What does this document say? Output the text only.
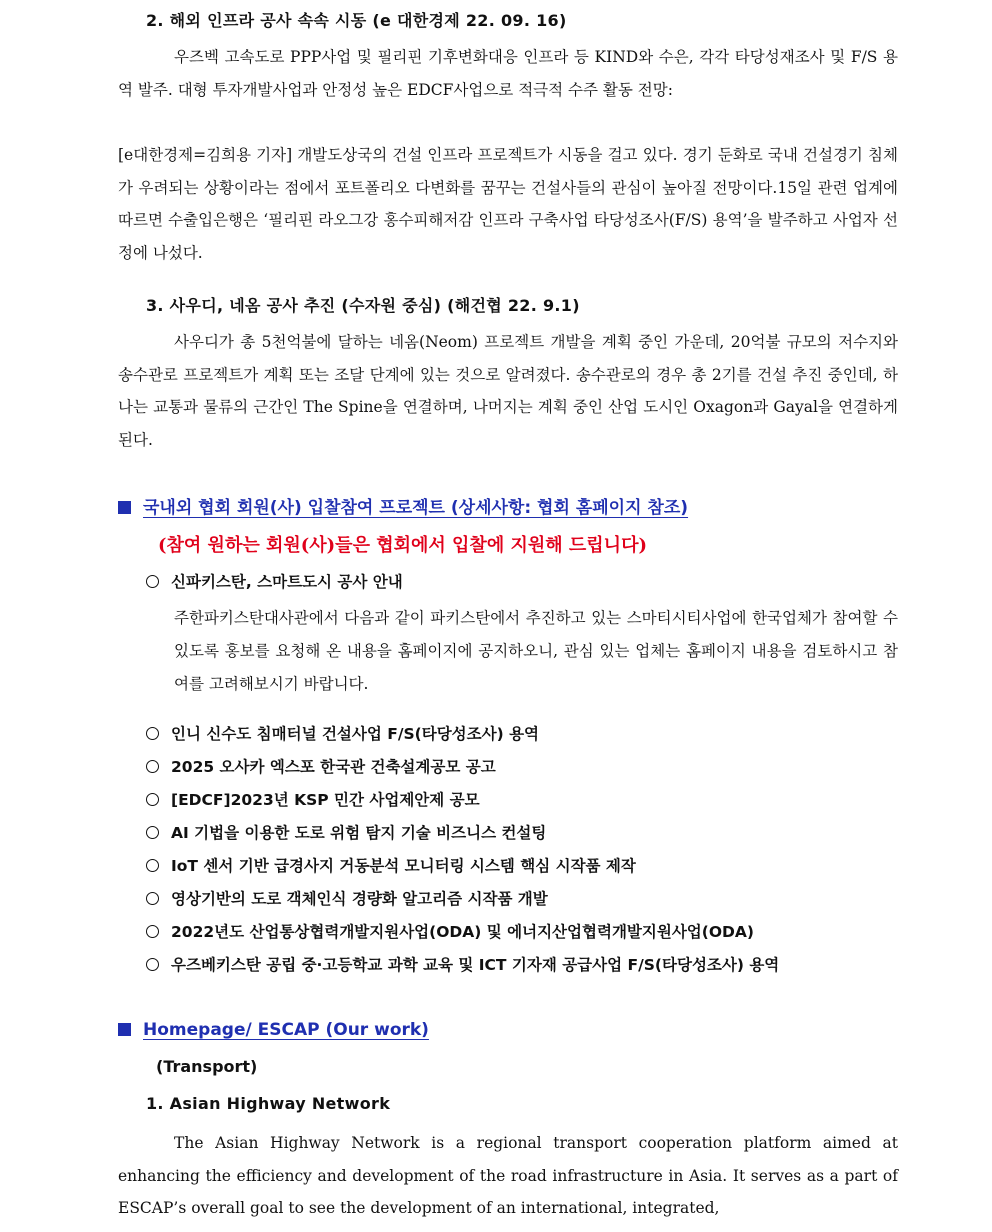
2. 해외 인프라 공사 속속 시동 (e 대한경제 22. 09. 16)

우즈벡 고속도로 PPP사업 및 필리핀 기후변화대응 인프라 등 KIND와 수은, 각각 타당성재조사 및 F/S 용역 발주. 대형 투자개발사업과 안정성 높은 EDCF사업으로 적극적 수주 활동 전망:

[e대한경제=김희용 기자] 개발도상국의 건설 인프라 프로젝트가 시동을 걸고 있다. 경기 둔화로 국내 건설경기 침체가 우려되는 상황이라는 점에서 포트폴리오 다변화를 꿈꾸는 건설사들의 관심이 높아질 전망이다.15일 관련 업계에 따르면 수출입은행은 ‘필리핀 라오그강 홍수피해저감 인프라 구축사업 타당성조사(F/S) 용역’을 발주하고 사업자 선정에 나섰다.

3. 사우디, 네옴 공사 추진 (수자원 중심) (해건협 22. 9.1)

사우디가 총 5천억불에 달하는 네옴(Neom) 프로젝트 개발을 계획 중인 가운데, 20억불 규모의 저수지와 송수관로 프로젝트가 계획 또는 조달 단계에 있는 것으로 알려졌다. 송수관로의 경우 총 2기를 건설 추진 중인데, 하나는 교통과 물류의 근간인 The Spine을 연결하며, 나머지는 계획 중인 산업 도시인 Oxagon과 Gayal을 연결하게 된다.

국내외 협회 회원(사) 입찰참여 프로젝트 (상세사항: 협회 홈페이지 참조)

(참여 원하는 회원(사)들은 협회에서 입찰에 지원해 드립니다)

신파키스탄, 스마트도시 공사 안내

주한파키스탄대사관에서 다음과 같이 파키스탄에서 추진하고 있는 스마티시티사업에 한국업체가 참여할 수 있도록 홍보를 요청해 온 내용을 홈페이지에 공지하오니, 관심 있는 업체는 홈페이지 내용을 검토하시고 참여를 고려해보시기 바랍니다.

인니 신수도 침매터널 건설사업 F/S(타당성조사) 용역

2025 오사카 엑스포 한국관 건축설계공모 공고

[EDCF]2023년 KSP 민간 사업제안제 공모

AI 기법을 이용한 도로 위험 탐지 기술 비즈니스 컨설팅

IoT 센서 기반 급경사지 거동분석 모니터링 시스템 핵심 시작품 제작

영상기반의 도로 객체인식 경량화 알고리즘 시작품 개발

2022년도 산업통상협력개발지원사업(ODA) 및 에너지산업협력개발지원사업(ODA)

우즈베키스탄 공립 중·고등학교 과학 교육 및 ICT 기자재 공급사업 F/S(타당성조사) 용역

Homepage/ ESCAP (Our work)

(Transport)

1. Asian Highway Network

The Asian Highway Network is a regional transport cooperation platform aimed at enhancing the efficiency and development of the road infrastructure in Asia. It serves as a part of ESCAP’s overall goal to see the development of an international, integrated,
